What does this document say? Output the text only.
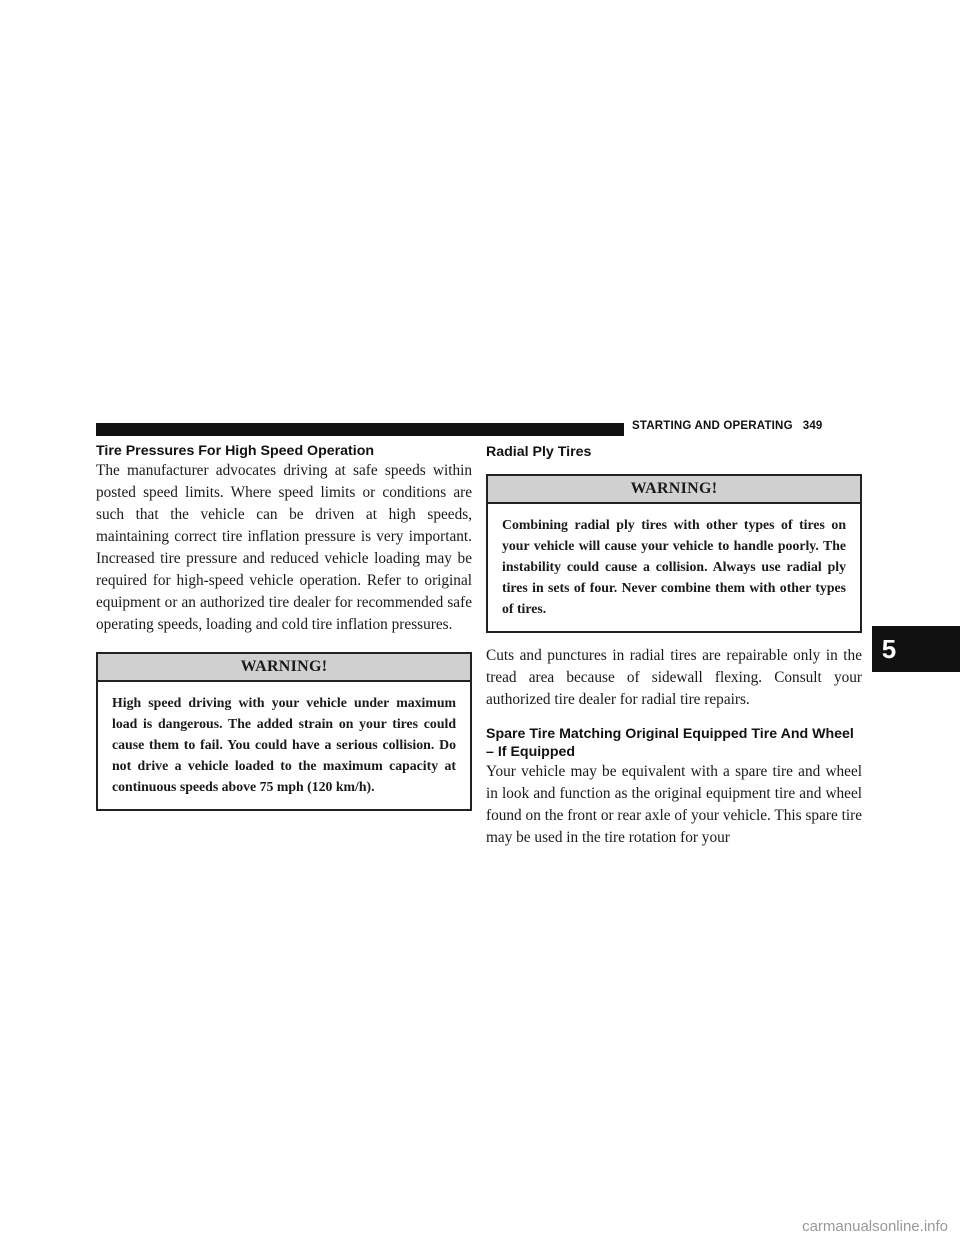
STARTING AND OPERATING 349
Tire Pressures For High Speed Operation

The manufacturer advocates driving at safe speeds within posted speed limits. Where speed limits or conditions are such that the vehicle can be driven at high speeds, maintaining correct tire inflation pressure is very important. Increased tire pressure and reduced vehicle loading may be required for high-speed vehicle operation. Refer to original equipment or an authorized tire dealer for recommended safe operating speeds, loading and cold tire inflation pressures.

WARNING!
High speed driving with your vehicle under maximum load is dangerous. The added strain on your tires could cause them to fail. You could have a serious collision. Do not drive a vehicle loaded to the maximum capacity at continuous speeds above 75 mph (120 km/h).
Radial Ply Tires
WARNING!
Combining radial ply tires with other types of tires on your vehicle will cause your vehicle to handle poorly. The instability could cause a collision. Always use radial ply tires in sets of four. Never combine them with other types of tires.

Cuts and punctures in radial tires are repairable only in the tread area because of sidewall flexing. Consult your authorized tire dealer for radial tire repairs.

Spare Tire Matching Original Equipped Tire And Wheel – If Equipped

Your vehicle may be equivalent with a spare tire and wheel in look and function as the original equipment tire and wheel found on the front or rear axle of your vehicle. This spare tire may be used in the tire rotation for your

5
carmanualsonline.info
